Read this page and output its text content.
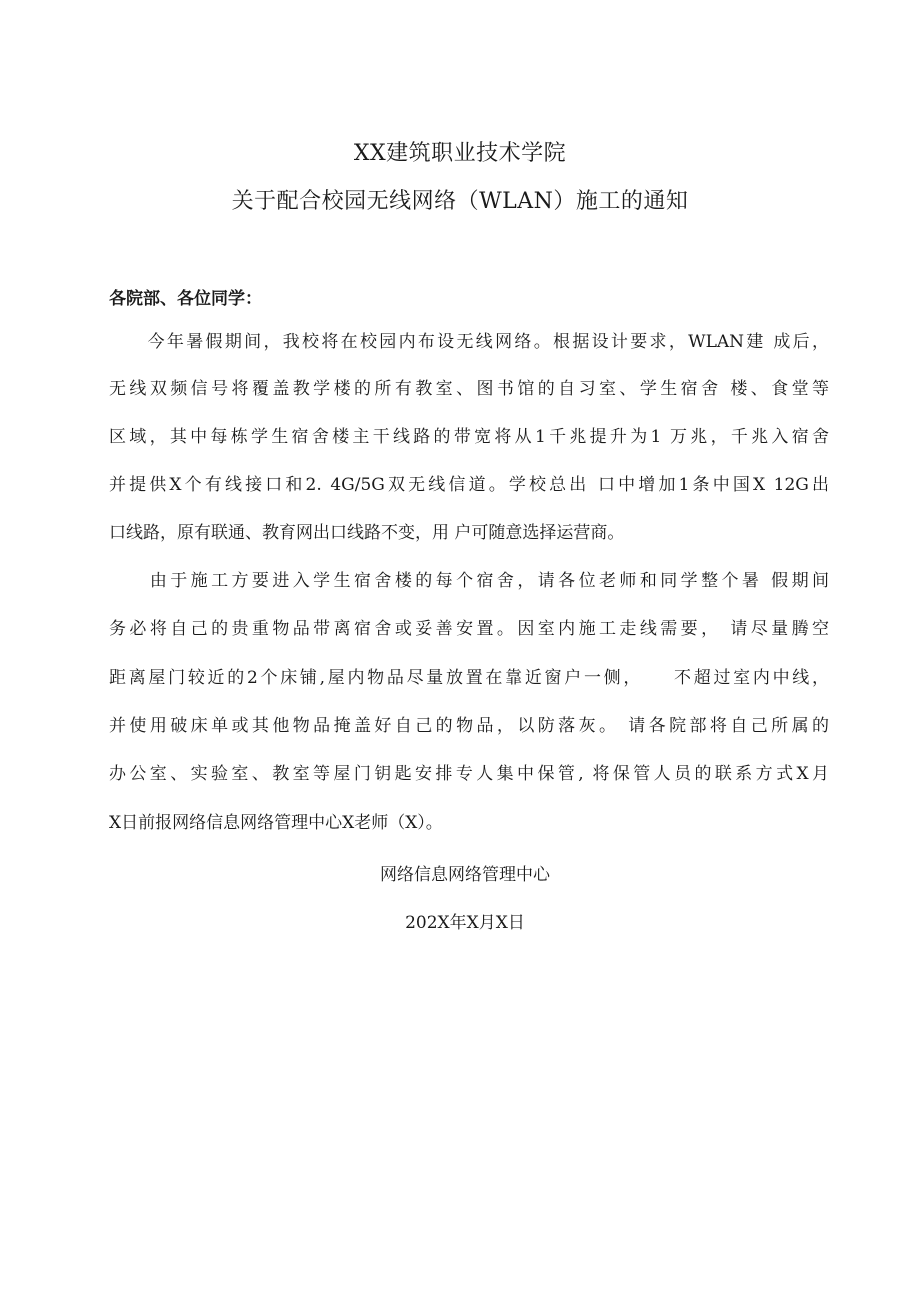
XX建筑职业技术学院
关于配合校园无线网络（WLAN）施工的通知
各院部、各位同学：
　　今年暑假期间，我校将在校园内布设无线网络。根据设计要求，WLAN建 成后，
无线双频信号将覆盖教学楼的所有教室、图书馆的自习室、学生宿舍 楼、食堂等
区域，其中每栋学生宿舍楼主干线路的带宽将从1千兆提升为1 万兆，千兆入宿舍
并提供X个有线接口和2. 4G/5G双无线信道。学校总出 口中增加1条中国X 12G出
口线路，原有联通、教育网出口线路不变，用 户可随意选择运营商。
　　由于施工方要进入学生宿舍楼的每个宿舍，请各位老师和同学整个暑 假期间
务必将自己的贵重物品带离宿舍或妥善安置。因室内施工走线需要， 请尽量腾空
距离屋门较近的2个床铺,屋内物品尽量放置在靠近窗户一侧，　　不超过室内中线，
并使用破床单或其他物品掩盖好自己的物品，以防落灰。 请各院部将自己所属的
办公室、实验室、教室等屋门钥匙安排专人集中保管, 将保管人员的联系方式X月
X日前报网络信息网络管理中心X老师（X）。
网络信息网络管理中心
202X年X月X日
